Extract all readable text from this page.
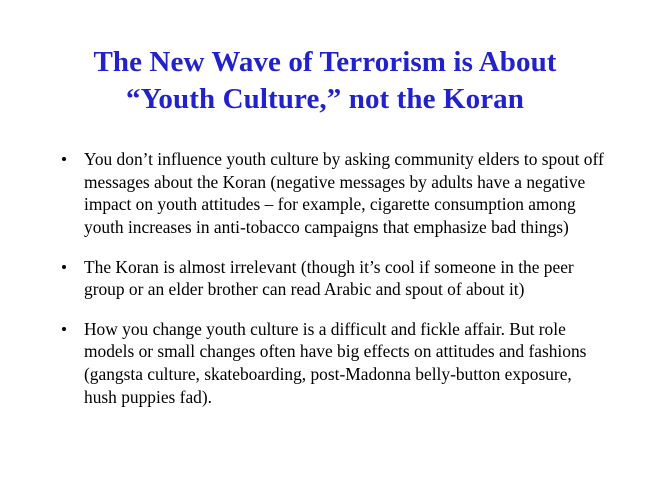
The New Wave of Terrorism is About
“Youth Culture,” not the Koran
You don’t influence youth culture by asking community elders to spout off messages about the Koran (negative messages by adults have a negative impact on youth attitudes – for example, cigarette consumption among youth increases in anti-tobacco campaigns that emphasize bad things)
The Koran is almost irrelevant (though it’s cool if someone in the peer group or an elder brother can read Arabic and spout of about it)
How you change youth culture is a difficult and fickle affair. But role models or small changes often have big effects on attitudes and fashions (gangsta culture, skateboarding, post-Madonna belly-button exposure, hush puppies fad).
